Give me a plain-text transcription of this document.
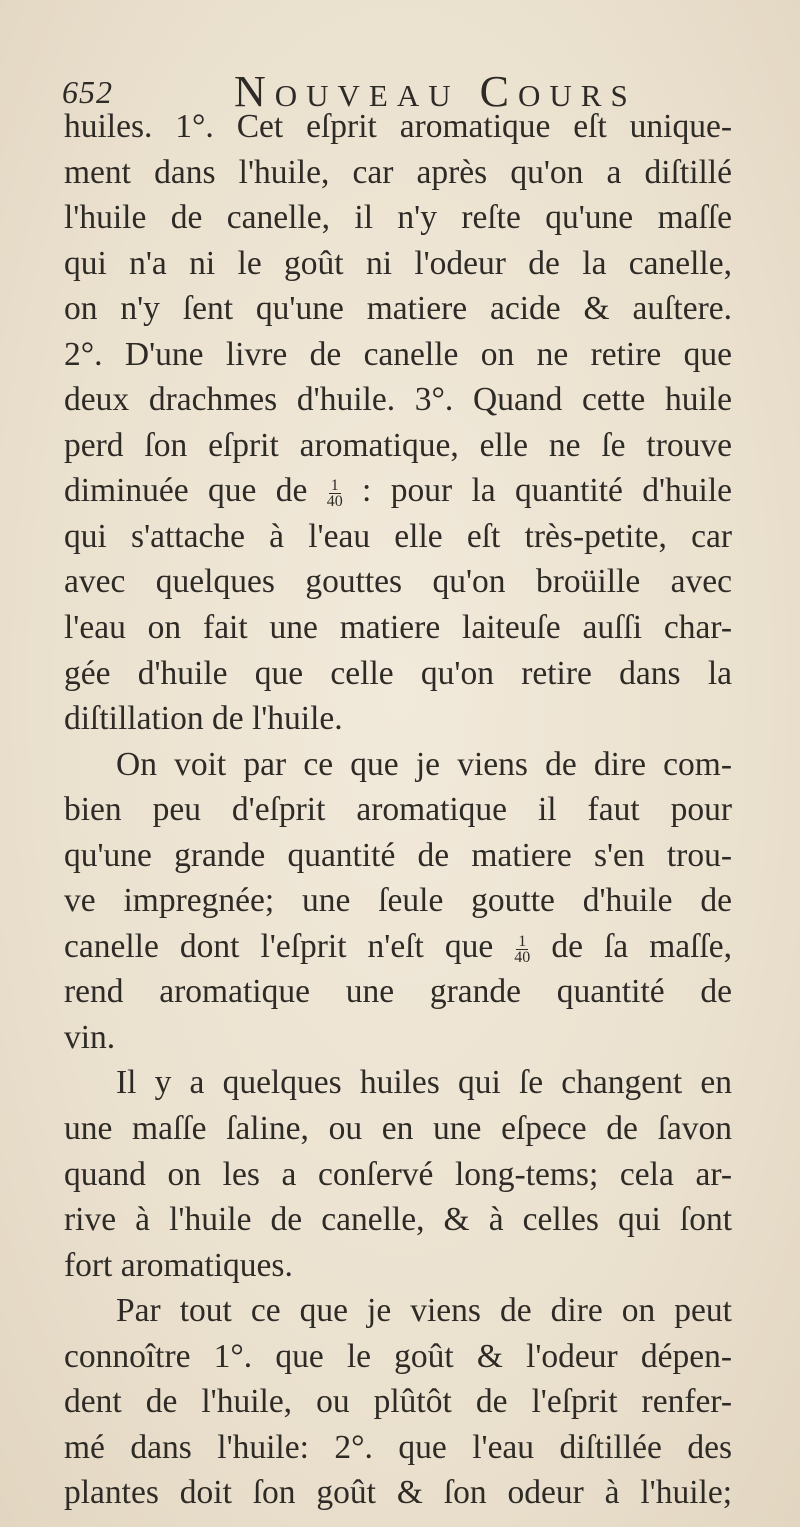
652	Nouveau Cours
huiles. 1°. Cet eſprit aromatique eſt unique-
ment dans l'huile, car après qu'on a diſtillé
l'huile de canelle, il n'y reſte qu'une maſſe
qui n'a ni le goût ni l'odeur de la canelle,
on n'y ſent qu'une matiere acide & auſtere.
2°. D'une livre de canelle on ne retire que
deux drachmes d'huile. 3°. Quand cette huile
perd ſon eſprit aromatique, elle ne ſe trouve
diminuée que de $\frac{1}{40}$ : pour la quantité d'huile
qui s'attache à l'eau elle eſt très-petite, car
avec quelques gouttes qu'on broüille avec
l'eau on fait une matiere laiteuſe auſſi char-
gée d'huile que celle qu'on retire dans la
diſtillation de l'huile.
On voit par ce que je viens de dire com-
bien peu d'eſprit aromatique il faut pour
qu'une grande quantité de matiere s'en trou-
ve impregnée; une ſeule goutte d'huile de
canelle dont l'eſprit n'eſt que $\frac{1}{40}$ de ſa maſſe,
rend aromatique une grande quantité de
vin.
Il y a quelques huiles qui ſe changent en
une maſſe ſaline, ou en une eſpece de ſavon
quand on les a conſervé long-tems; cela ar-
rive à l'huile de canelle, & à celles qui ſont
fort aromatiques.
Par tout ce que je viens de dire on peut
connoître 1°. que le goût & l'odeur dépen-
dent de l'huile, ou plûtôt de l'eſprit renfer-
mé dans l'huile: 2°. que l'eau diſtillée des
plantes doit ſon goût & ſon odeur à l'huile;
